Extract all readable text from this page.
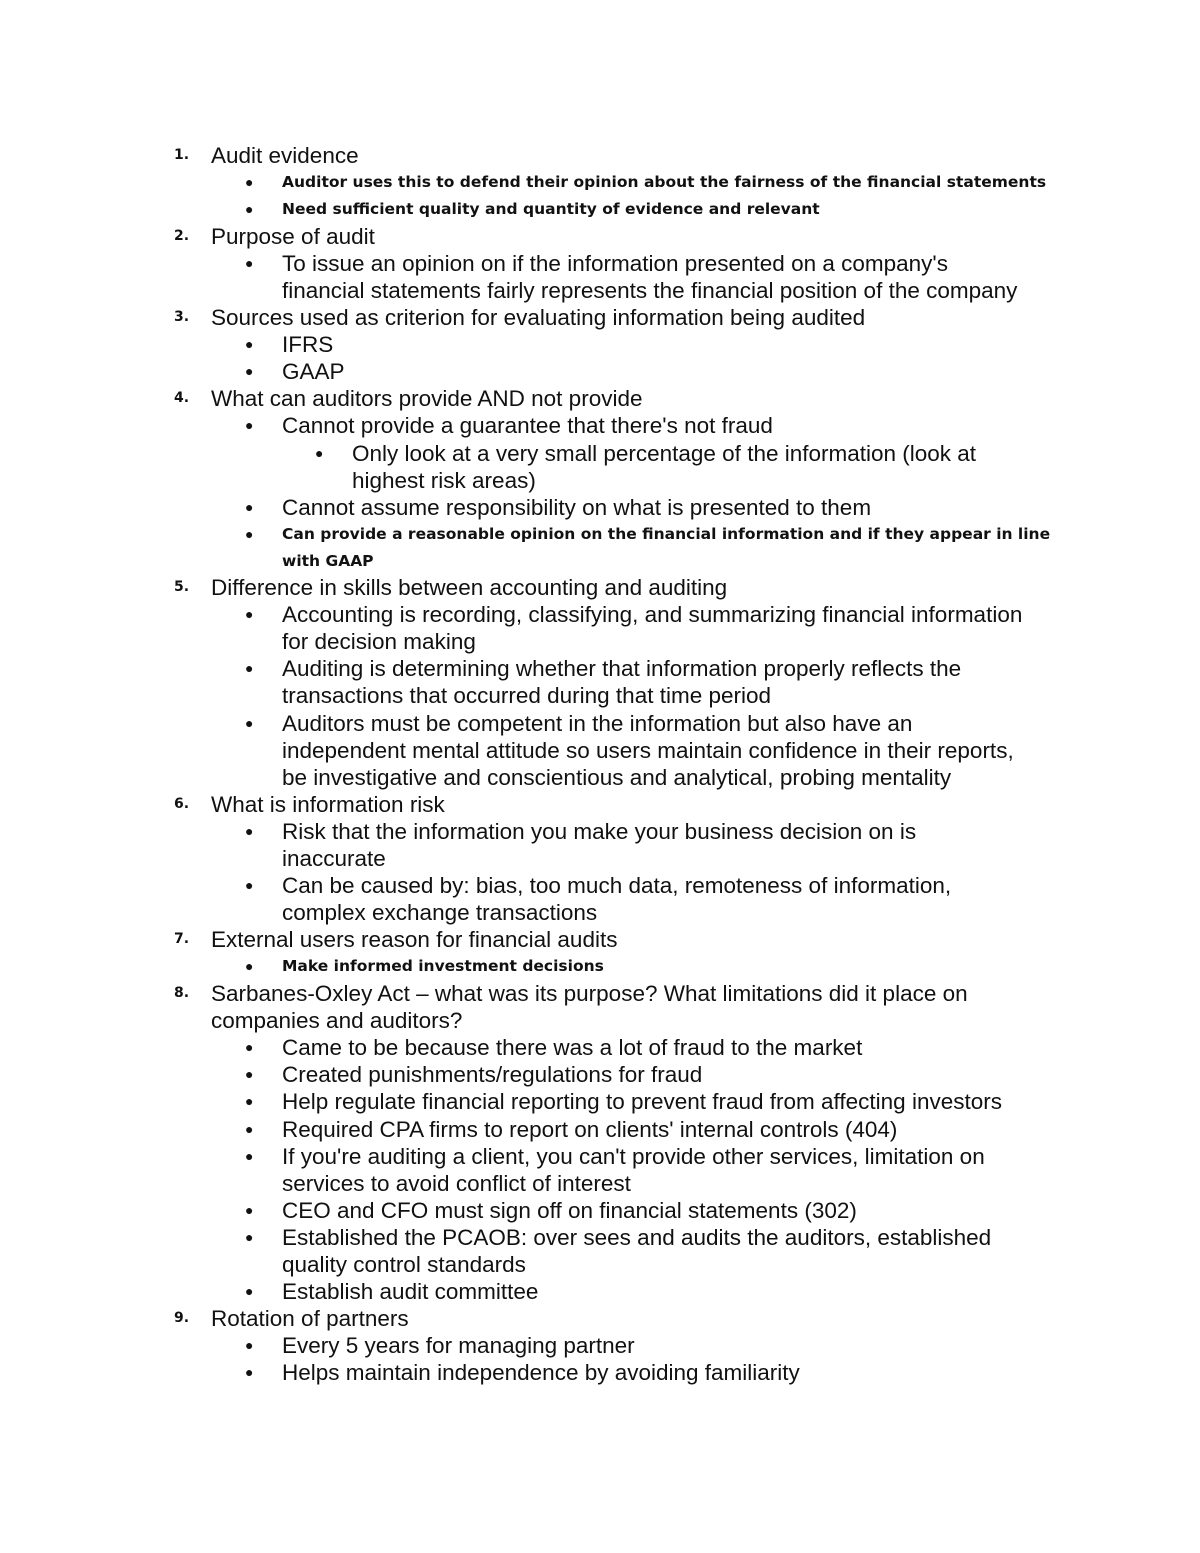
1. Audit evidence
● Auditor uses this to defend their opinion about the fairness of the financial statements
● Need sufficient quality and quantity of evidence and relevant
2. Purpose of audit
● To issue an opinion on if the information presented on a company's
financial statements fairly represents the financial position of the company
3. Sources used as criterion for evaluating information being audited
● IFRS
● GAAP
4. What can auditors provide AND not provide
● Cannot provide a guarantee that there's not fraud
● Only look at a very small percentage of the information (look at
highest risk areas)
● Cannot assume responsibility on what is presented to them
● Can provide a reasonable opinion on the financial information and if they appear in line
with GAAP
5. Difference in skills between accounting and auditing
● Accounting is recording, classifying, and summarizing financial information
for decision making
● Auditing is determining whether that information properly reflects the
transactions that occurred during that time period
● Auditors must be competent in the information but also have an
independent mental attitude so users maintain confidence in their reports,
be investigative and conscientious and analytical, probing mentality
6. What is information risk
● Risk that the information you make your business decision on is
inaccurate
● Can be caused by: bias, too much data, remoteness of information,
complex exchange transactions
7. External users reason for financial audits
● Make informed investment decisions
8. Sarbanes-Oxley Act – what was its purpose? What limitations did it place on
companies and auditors?
● Came to be because there was a lot of fraud to the market
● Created punishments/regulations for fraud
● Help regulate financial reporting to prevent fraud from affecting investors
● Required CPA firms to report on clients' internal controls (404)
● If you're auditing a client, you can't provide other services, limitation on
services to avoid conflict of interest
● CEO and CFO must sign off on financial statements (302)
● Established the PCAOB: over sees and audits the auditors, established
quality control standards
● Establish audit committee
9. Rotation of partners
● Every 5 years for managing partner
● Helps maintain independence by avoiding familiarity
